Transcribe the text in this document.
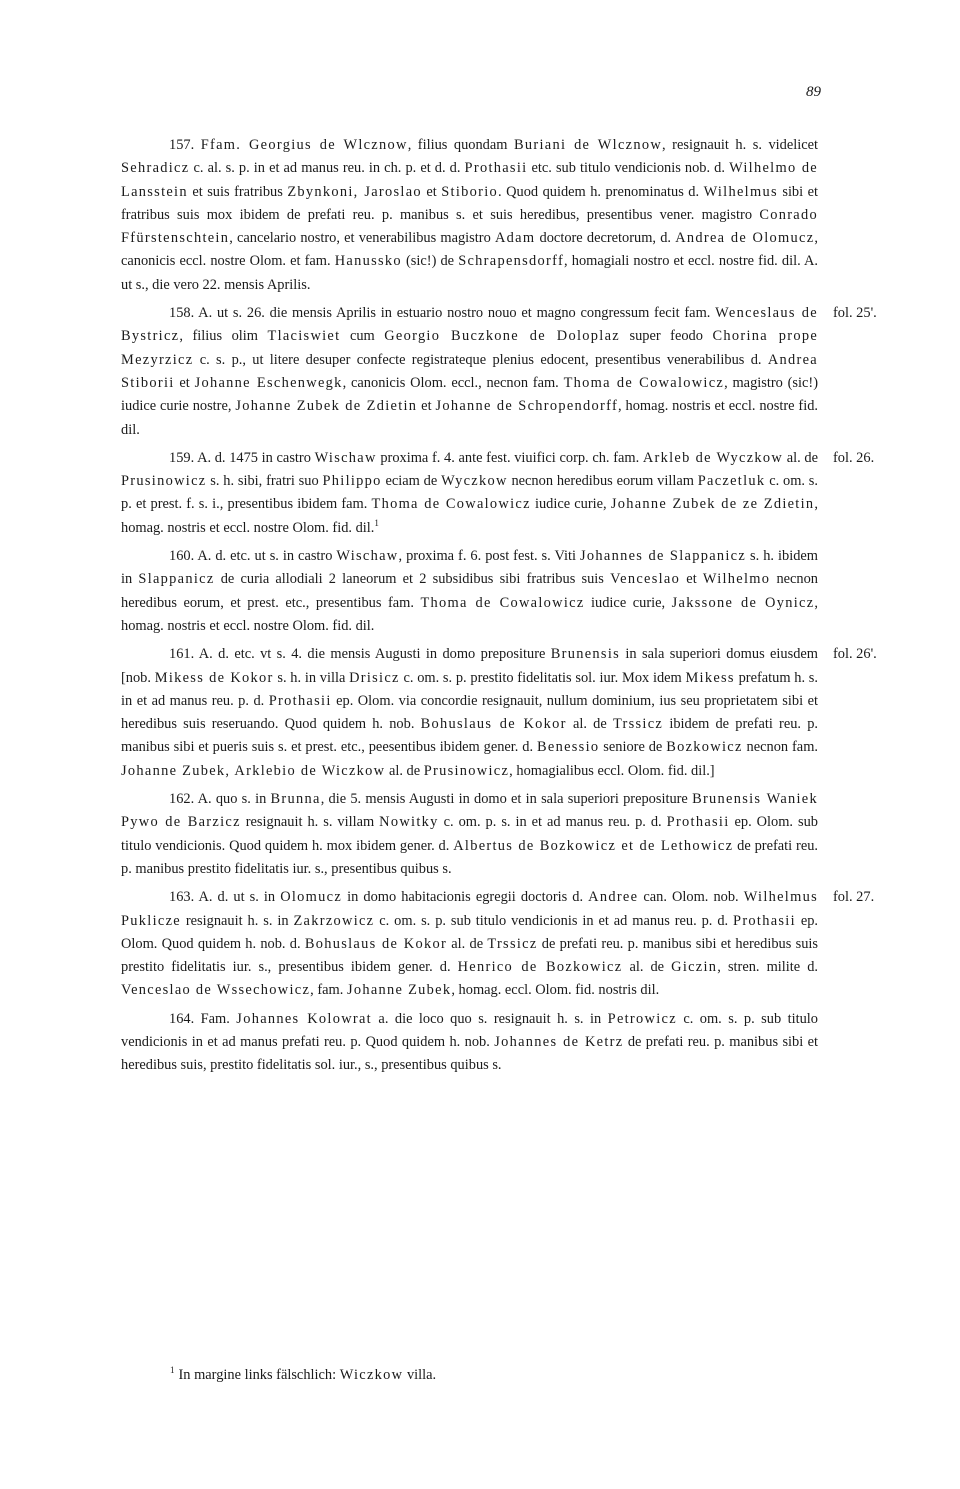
89

157. Ffam. Georgius de Wlcznow, filius quondam Buriani de Wlcznow, resignauit h. s. videlicet Sehradicz c. al. s. p. in et ad manus reu. in ch. p. et d. d. Prothasii etc. sub titulo vendicionis nob. d. Wilhelmo de Lansstein et suis fratribus Zbynkoni, Jaroslao et Stiborio. Quod quidem h. prenominatus d. Wilhelmus sibi et fratribus suis mox ibidem de prefati reu. p. manibus s. et suis heredibus, presentibus vener. magistro Conrado Ffürstenschtein, cancelario nostro, et venerabilibus magistro Adam doctore decretorum, d. Andrea de Olomucz, canonicis eccl. nostre Olom. et fam. Hanussko (sic!) de Schrapensdorff, homagiali nostro et eccl. nostre fid. dil. A. ut s., die vero 22. mensis Aprilis.

fol. 25'.
158. A. ut s. 26. die mensis Aprilis in estuario nostro nouo et magno congressum fecit fam. Wenceslaus de Bystricz, filius olim Tlaciswiet cum Georgio Buczkone de Doloplaz super feodo Chorina prope Mezyrzicz c. s. p., ut litere desuper confecte registrateque plenius edocent, presentibus venerabilibus d. Andrea Stiborii et Johanne Eschenwegk, canonicis Olom. eccl., necnon fam. Thoma de Cowalowicz, magistro (sic!) iudice curie nostre, Johanne Zubek de Zdietin et Johanne de Schropendorff, homag. nostris et eccl. nostre fid. dil.

fol. 26.
159. A. d. 1475 in castro Wischaw proxima f. 4. ante fest. viuifici corp. ch. fam. Arkleb de Wyczkow al. de Prusinowicz s. h. sibi, fratri suo Philippo eciam de Wyczkow necnon heredibus eorum villam Paczetluk c. om. s. p. et prest. f. s. i., presentibus ibidem fam. Thoma de Cowalowicz iudice curie, Johanne Zubek de ze Zdietin, homag. nostris et eccl. nostre Olom. fid. dil.$^1$

160. A. d. etc. ut s. in castro Wischaw, proxima f. 6. post fest. s. Viti Johannes de Slappanicz s. h. ibidem in Slappanicz de curia allodiali 2 laneorum et 2 subsidibus sibi fratribus suis Venceslao et Wilhelmo necnon heredibus eorum, et prest. etc., presentibus fam. Thoma de Cowalowicz iudice curie, Jakssone de Oynicz, homag. nostris et eccl. nostre Olom. fid. dil.

fol. 26'.
161. A. d. etc. vt s. 4. die mensis Augusti in domo prepositure Brunensis in sala superiori domus eiusdem [nob. Mikess de Kokor s. h. in villa Drisicz c. om. s. p. prestito fidelitatis sol. iur. Mox idem Mikess prefatum h. s. in et ad manus reu. p. d. Prothasii ep. Olom. via concordie resignauit, nullum dominium, ius seu proprietatem sibi et heredibus suis reseruando. Quod quidem h. nob. Bohuslaus de Kokor al. de Trssicz ibidem de prefati reu. p. manibus sibi et pueris suis s. et prest. etc., peesentibus ibidem gener. d. Benessio seniore de Bozkowicz necnon fam. Johanne Zubek, Arklebio de Wiczkow al. de Prusinowicz, homagialibus eccl. Olom. fid. dil.]

162. A. quo s. in Brunna, die 5. mensis Augusti in domo et in sala superiori prepositure Brunensis Waniek Pywo de Barzicz resignauit h. s. villam Nowitky c. om. p. s. in et ad manus reu. p. d. Prothasii ep. Olom. sub titulo vendicionis. Quod quidem h. mox ibidem gener. d. Albertus de Bozkowicz et de Lethowicz de prefati reu. p. manibus prestito fidelitatis iur. s., presentibus quibus s.

fol. 27.
163. A. d. ut s. in Olomucz in domo habitacionis egregii doctoris d. Andree can. Olom. nob. Wilhelmus Puklicze resignauit h. s. in Zakrzowicz c. om. s. p. sub titulo vendicionis in et ad manus reu. p. d. Prothasii ep. Olom. Quod quidem h. nob. d. Bohuslaus de Kokor al. de Trssicz de prefati reu. p. manibus sibi et heredibus suis prestito fidelitatis iur. s., presentibus ibidem gener. d. Henrico de Bozkowicz al. de Giczin, stren. milite d. Venceslao de Wssechowicz, fam. Johanne Zubek, homag. eccl. Olom. fid. nostris dil.

164. Fam. Johannes Kolowrat a. die loco quo s. resignauit h. s. in Petrowicz c. om. s. p. sub titulo vendicionis in et ad manus prefati reu. p. Quod quidem h. nob. Johannes de Ketrz de prefati reu. p. manibus sibi et heredibus suis, prestito fidelitatis sol. iur., s., presentibus quibus s.

$^1$ In margine links fälschlich: Wiczkow villa.
